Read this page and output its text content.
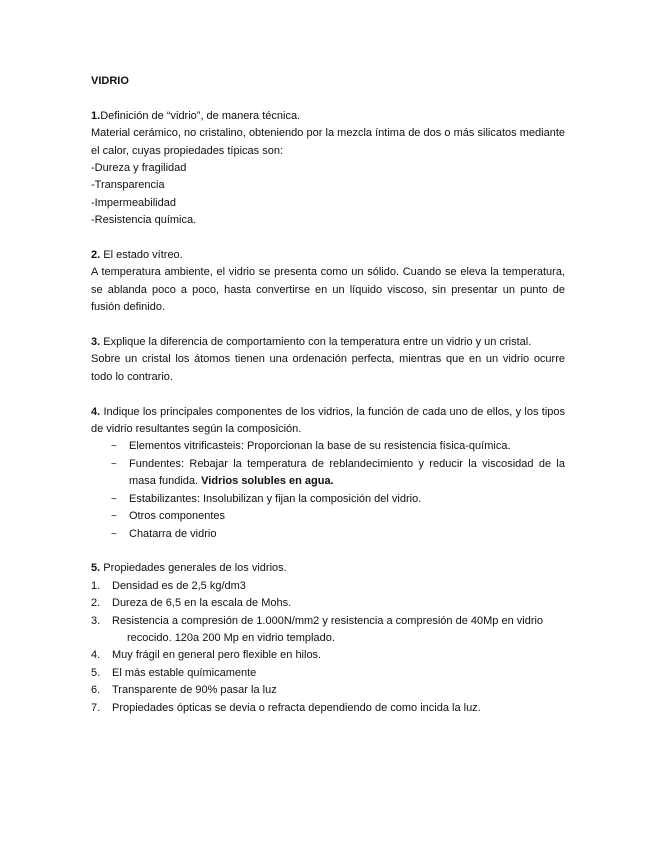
VIDRIO

1.Definición de “vidrio”, de manera técnica.

Material cerámico, no cristalino, obteniendo por la mezcla íntima de dos o más silicatos mediante el calor, cuyas propiedades típicas son:

-Dureza y fragilidad

-Transparencia

-Impermeabilidad

-Resistencia química.

2. El estado vítreo.

A temperatura ambiente, el vidrio se presenta como un sólido. Cuando se eleva la temperatura, se ablanda poco a poco, hasta convertirse en un líquido viscoso, sin presentar un punto de fusión definido.

3. Explique la diferencia de comportamiento con la temperatura entre un vidrio y un cristal.

Sobre un cristal los átomos tienen una ordenación perfecta, mientras que en un vidrio ocurre todo lo contrario.

4. Indique los principales componentes de los vidrios, la función de cada uno de ellos, y los tipos de vidrio resultantes según la composición.

~ Elementos vitrificasteis: Proporcionan la base de su resistencia física-química.
~ Fundentes: Rebajar la temperatura de reblandecimiento y reducir la viscosidad de la masa fundida. Vidrios solubles en agua.
~ Estabilizantes: Insolubilizan y fijan la composición del vidrio.
~ Otros componentes
~ Chatarra de vidrio

5. Propiedades generales de los vidrios.

1. Densidad es de 2,5 kg/dm3
2. Dureza de 6,5 en la escala de Mohs.
3. Resistencia a compresión de 1.000N/mm2 y resistencia a compresión de 40Mp en vidrio
recocido. 120a 200 Mp en vidrio templado.
4. Muy frágil en general pero flexible en hilos.
5. El más estable químicamente
6. Transparente de 90% pasar la luz
7. Propiedades ópticas se devia o refracta dependiendo de como incida la luz.
